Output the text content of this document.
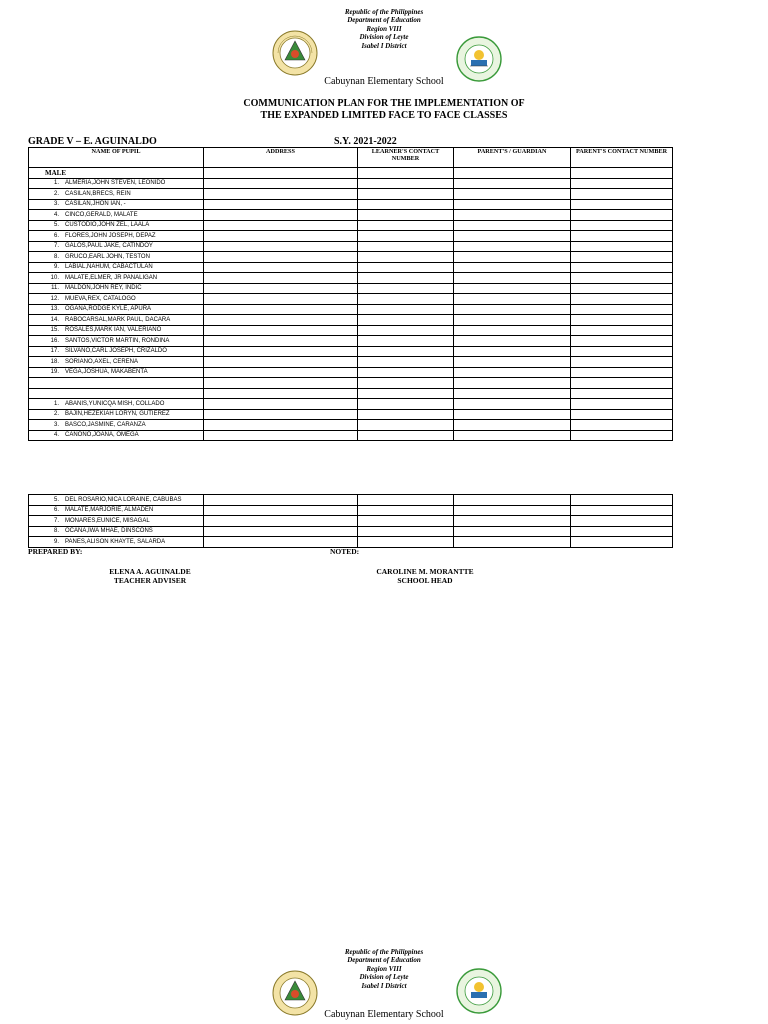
Republic of the Philippines
Department of Education
Region VIII
Division of Leyte
Isabel I District
Cabuynan Elementary School
COMMUNICATION PLAN FOR THE IMPLEMENTATION OF
THE EXPANDED LIMITED FACE TO FACE CLASSES
GRADE V – E. AGUINALDO	S.Y. 2021-2022
NAME OF PUPIL	ADDRESS	LEARNER'S CONTACT NUMBER	PARENT'S / GUARDIAN	PARENT'S CONTACT NUMBER
MALE				
1. ALMERIA,JOHN STEVEN, LEONIDO				
2. CASILAN,BRECS, REIN				
3. CASILAN,JHON IAN, -				
4. CINCO,GERALD, MALATE				
5. CUSTODIO,JOHN ZEL, LAALA				
6. FLORES,JOHN JOSEPH, DEPAZ				
7. GALOS,PAUL JAKE, CATINDOY				
8. GRUCO,EARL JOHN, TESTON				
9. LABIAL,NAHUM, CABACTULAN				
10. MALATE,ELMER, JR PANALIGAN				
11. MALDON,JOHN REY, INDIC				
12. MUEVA,REX, CATALOGO				
13. OGANA,RODGE KYLE, APURA				
14. RABOCARSAL,MARK PAUL, DACARA				
15. ROSALES,MARK IAN, VALERIANO				
16. SANTOS,VICTOR MARTIN, RONDINA				
17. SILVANO,CARL JOSEPH, CRIZALDO				
18. SORIANO,AXEL, CERENA				
19. VEGA,JOSHUA, MAKABENTA				

1. ABANIS,YUNICQA MISH, COLLADO				
2. BAJIN,HEZEKIAH LORYN, GUTIEREZ				
3. BASCO,JASMINE, CARANZA				
4. CANONO,JOANA, OMEGA				
5. DEL ROSARIO,NICA LORAINE, CABUBAS				
6. MALATE,MARJORIE, ALMADEN				
7. MONARES,EUNICE, MISAGAL				
8. OCANA,IWA MHAE, DINSCONS				
9. PANES,ALISON KHAYTE, SALARDA				
PREPARED BY:	NOTED:
ELENA A. AGUINALDE
TEACHER ADVISER
CAROLINE M. MORANTTE
SCHOOL HEAD
Republic of the Philippines
Department of Education
Region VIII
Division of Leyte
Isabel I District
Cabuynan Elementary School
